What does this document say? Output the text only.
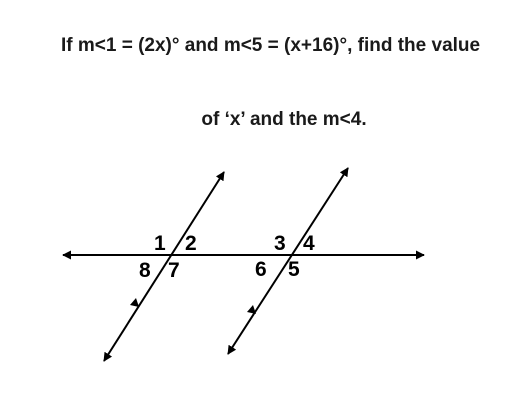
If m<1 = (2x)° and m<5 = (x+16)°, find the value

of ‘x’ and the m<4.

1 2
8 7
3 4
6 5
